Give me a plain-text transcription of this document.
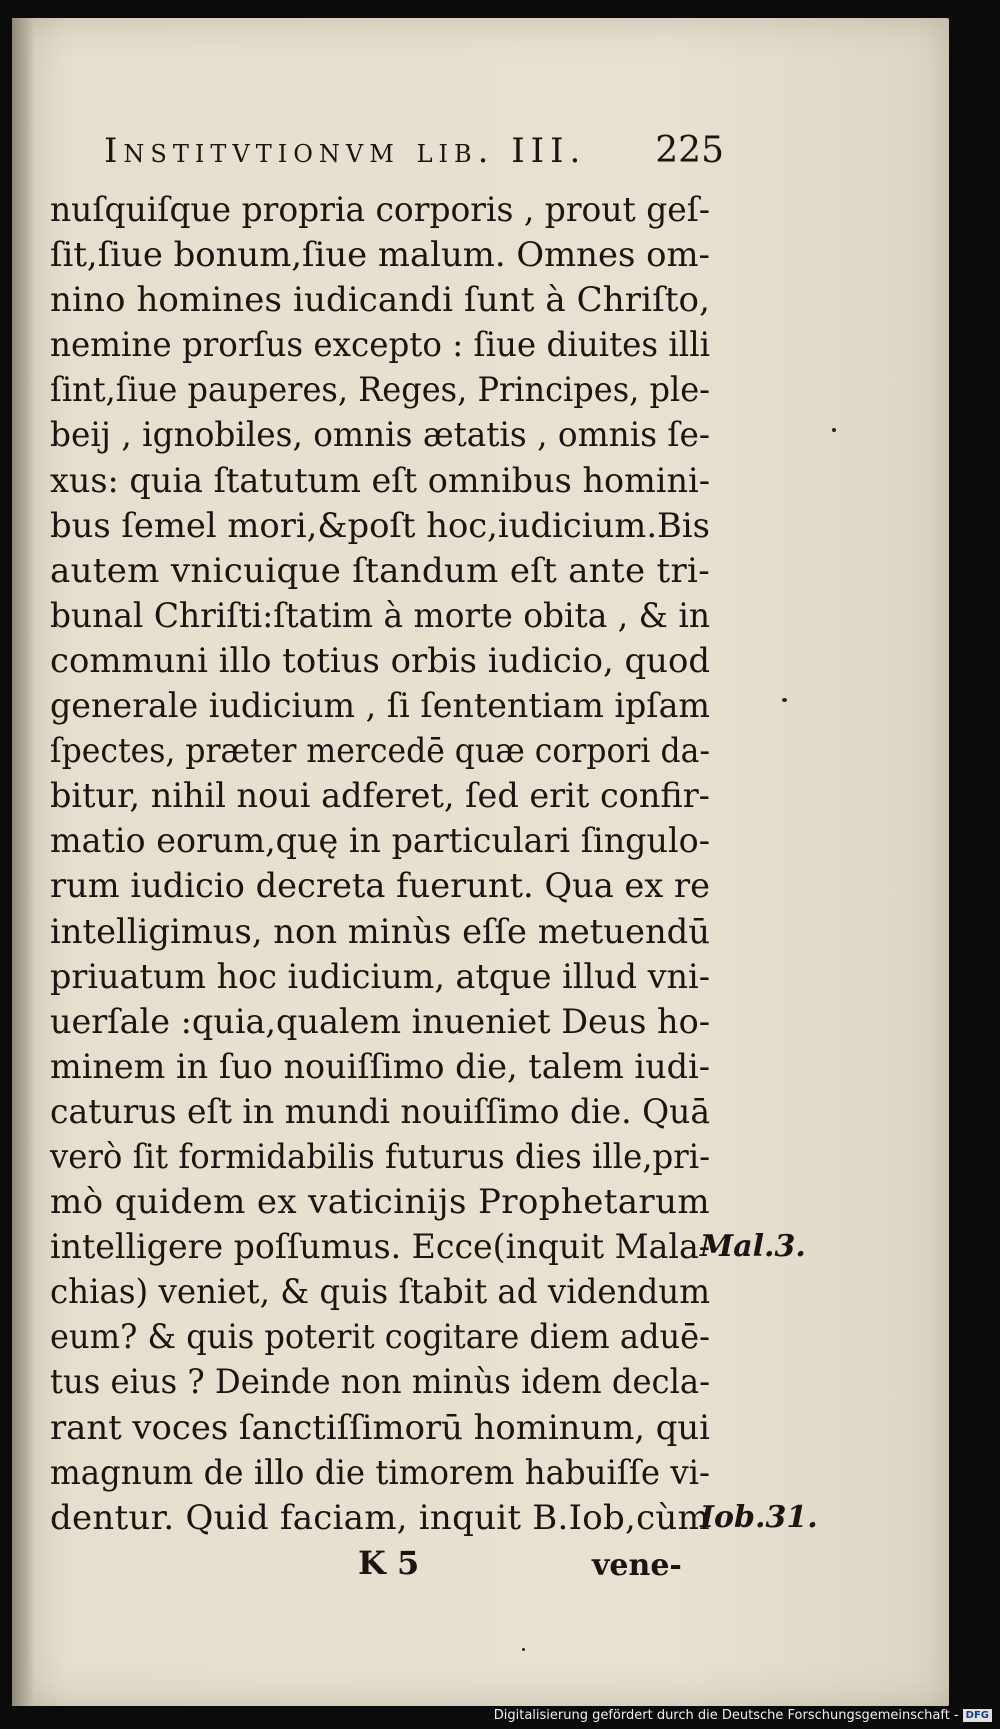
Institvtionvm lib. III. 225
nuſquiſque propria corporis , prout geſ-
ſit,ſiue bonum,ſiue malum. Omnes om-
nino homines iudicandi ſunt à Chriſto,
nemine prorſus excepto : ſiue diuites illi
ſint,ſiue pauperes, Reges, Principes, ple-
beij , ignobiles, omnis ætatis , omnis ſe-
xus: quia ſtatutum eſt omnibus homini-
bus ſemel mori,&poſt hoc,iudicium.Bis
autem vnicuique ſtandum eſt ante tri-
bunal Chriſti:ſtatim à morte obita , & in
communi illo totius orbis iudicio, quod
generale iudicium , ſi ſententiam ipſam
ſpectes, præter mercedē quæ corpori da-
bitur, nihil noui adferet, ſed erit confir-
matio eorum,quę in particulari ſingulo-
rum iudicio decreta fuerunt. Qua ex re
intelligimus, non minùs eſſe metuendū
priuatum hoc iudicium, atque illud vni-
uerſale :quia,qualem inueniet Deus ho-
minem in ſuo nouiſſimo die, talem iudi-
caturus eſt in mundi nouiſſimo die. Quā
verò ſit formidabilis futurus dies ille,pri-
mò quidem ex vaticinijs Prophetarum
intelligere poſſumus. Ecce(inquit Mala-
chias) veniet, & quis ſtabit ad videndum
eum? & quis poterit cogitare diem aduē-
tus eius ? Deinde non minùs idem decla-
rant voces ſanctiſſimorū hominum, qui
magnum de illo die timorem habuiſſe vi-
dentur. Quid faciam, inquit B.Iob,cùm
Mal.3.
Iob.31.
K 5	vene-
Digitalisierung gefördert durch die Deutsche Forschungsgemeinschaft - DFG
